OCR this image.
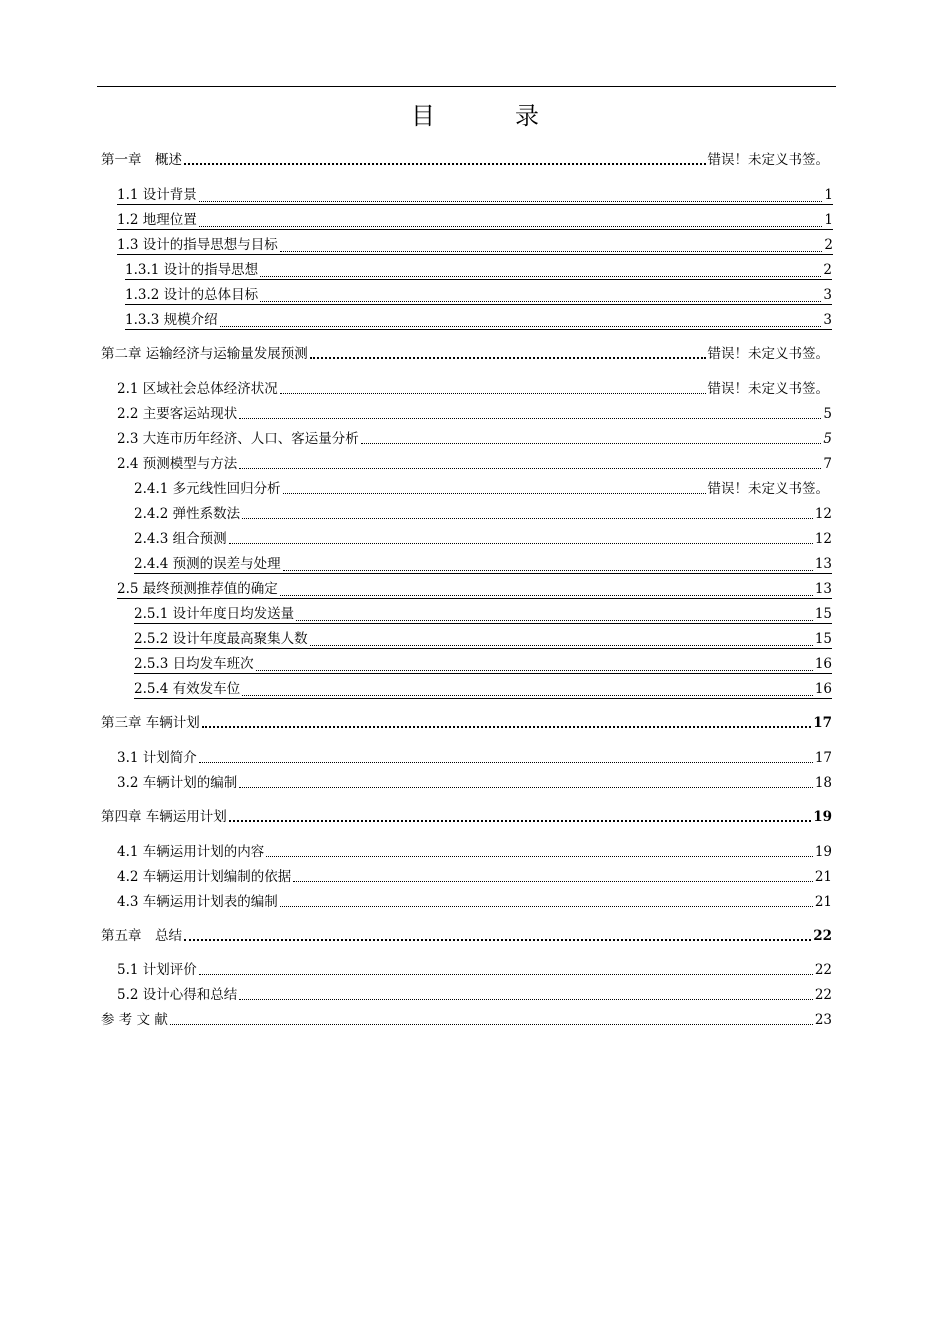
目　录
第一章　概述	错误！未定义书签。
1.1 设计背景	1
1.2 地理位置	1
1.3 设计的指导思想与目标	2
1.3.1 设计的指导思想	2
1.3.2 设计的总体目标	3
1.3.3 规模介绍	3
第二章 运输经济与运输量发展预测	错误！未定义书签。
2.1 区域社会总体经济状况	错误！未定义书签。
2.2 主要客运站现状	5
2.3 大连市历年经济、人口、客运量分析	5
2.4 预测模型与方法	7
2.4.1 多元线性回归分析	错误！未定义书签。
2.4.2 弹性系数法	12
2.4.3 组合预测	12
2.4.4 预测的误差与处理	13
2.5 最终预测推荐值的确定	13
2.5.1 设计年度日均发送量	15
2.5.2 设计年度最高聚集人数	15
2.5.3 日均发车班次	16
2.5.4 有效发车位	16
第三章 车辆计划	17
3.1 计划简介	17
3.2 车辆计划的编制	18
第四章 车辆运用计划	19
4.1 车辆运用计划的内容	19
4.2 车辆运用计划编制的依据	21
4.3 车辆运用计划表的编制	21
第五章　总结	22
5.1 计划评价	22
5.2 设计心得和总结	22
参 考 文 献	23
